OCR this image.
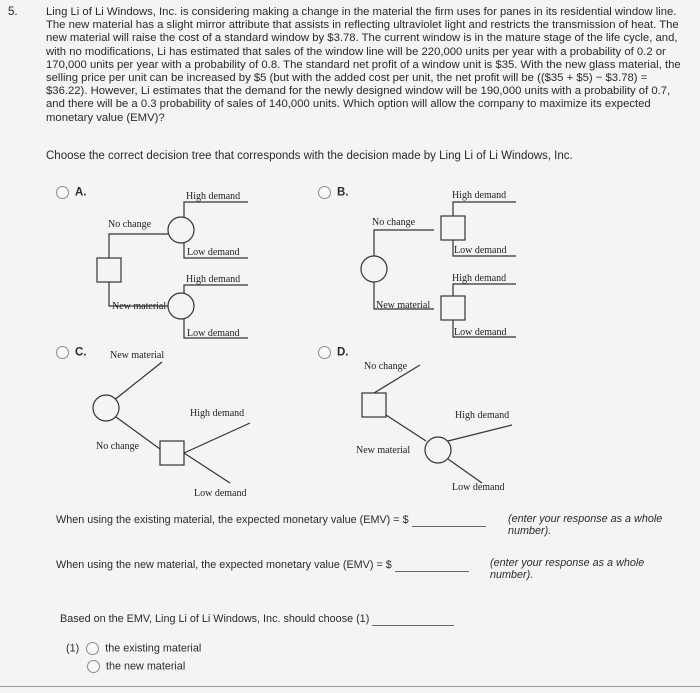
5.	Ling Li of Li Windows, Inc. is considering making a change in the material the firm uses for panes in its residential window line. The new material has a slight mirror attribute that assists in reflecting ultraviolet light and restricts the transmission of heat. The new material will raise the cost of a standard window by $3.78. The current window is in the mature stage of the life cycle, and, with no modifications, Li has estimated that sales of the window line will be 220,000 units per year with a probability of 0.2 or 170,000 units per year with a probability of 0.8. The standard net profit of a window unit is $35. With the new glass material, the selling price per unit can be increased by $5 (but with the added cost per unit, the net profit will be (($35 + $5) − $3.78) = $36.22). However, Li estimates that the demand for the newly designed window will be 190,000 units with a probability of 0.7, and there will be a 0.3 probability of sales of 140,000 units. Which option will allow the company to maximize its expected monetary value (EMV)?
Choose the correct decision tree that corresponds with the decision made by Ling Li of Li Windows, Inc.
A.
No change
New material
High demand
Low demand
High demand
Low demand
B.
No change
New material
High demand
Low demand
High demand
Low demand
C. New material
No change
High demand
Low demand
D.
No change
New material
High demand
Low demand
When using the existing material, the expected monetary value (EMV) = $	(enter your response as a whole number).
When using the new material, the expected monetary value (EMV) = $	(enter your response as a whole number).
Based on the EMV, Ling Li of Li Windows, Inc. should choose (1)
(1) the existing material
the new material
